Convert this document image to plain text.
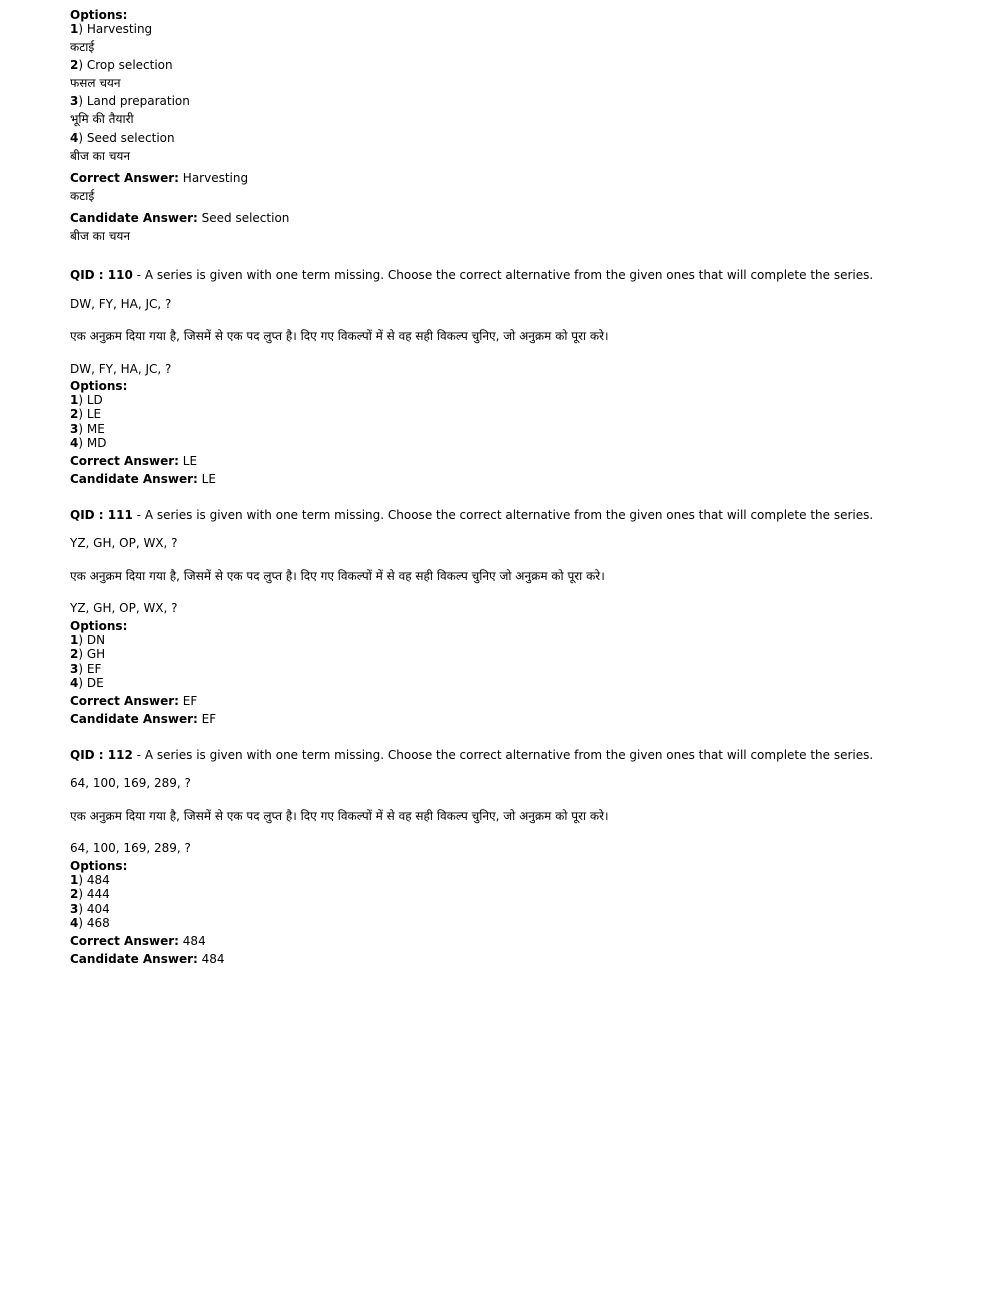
Options:
1) Harvesting
कटाई
2) Crop selection
फसल चयन
3) Land preparation
भूमि की तैयारी
4) Seed selection
बीज का चयन
Correct Answer: Harvesting
कटाई
Candidate Answer: Seed selection
बीज का चयन
QID : 110 - A series is given with one term missing. Choose the correct alternative from the given ones that will complete the series.
DW, FY, HA, JC, ?
एक अनुक्रम दिया गया है, जिसमें से एक पद लुप्त है। दिए गए विकल्पों में से वह सही विकल्प चुनिए, जो अनुक्रम को पूरा करे।
DW, FY, HA, JC, ?
Options:
1) LD
2) LE
3) ME
4) MD
Correct Answer: LE
Candidate Answer: LE
QID : 111 - A series is given with one term missing. Choose the correct alternative from the given ones that will complete the series.
YZ, GH, OP, WX, ?
एक अनुक्रम दिया गया है, जिसमें से एक पद लुप्त है। दिए गए विकल्पों में से वह सही विकल्प चुनिए जो अनुक्रम को पूरा करे।
YZ, GH, OP, WX, ?
Options:
1) DN
2) GH
3) EF
4) DE
Correct Answer: EF
Candidate Answer: EF
QID : 112 - A series is given with one term missing. Choose the correct alternative from the given ones that will complete the series.
64, 100, 169, 289, ?
एक अनुक्रम दिया गया है, जिसमें से एक पद लुप्त है। दिए गए विकल्पों में से वह सही विकल्प चुनिए, जो अनुक्रम को पूरा करे।
64, 100, 169, 289, ?
Options:
1) 484
2) 444
3) 404
4) 468
Correct Answer: 484
Candidate Answer: 484
